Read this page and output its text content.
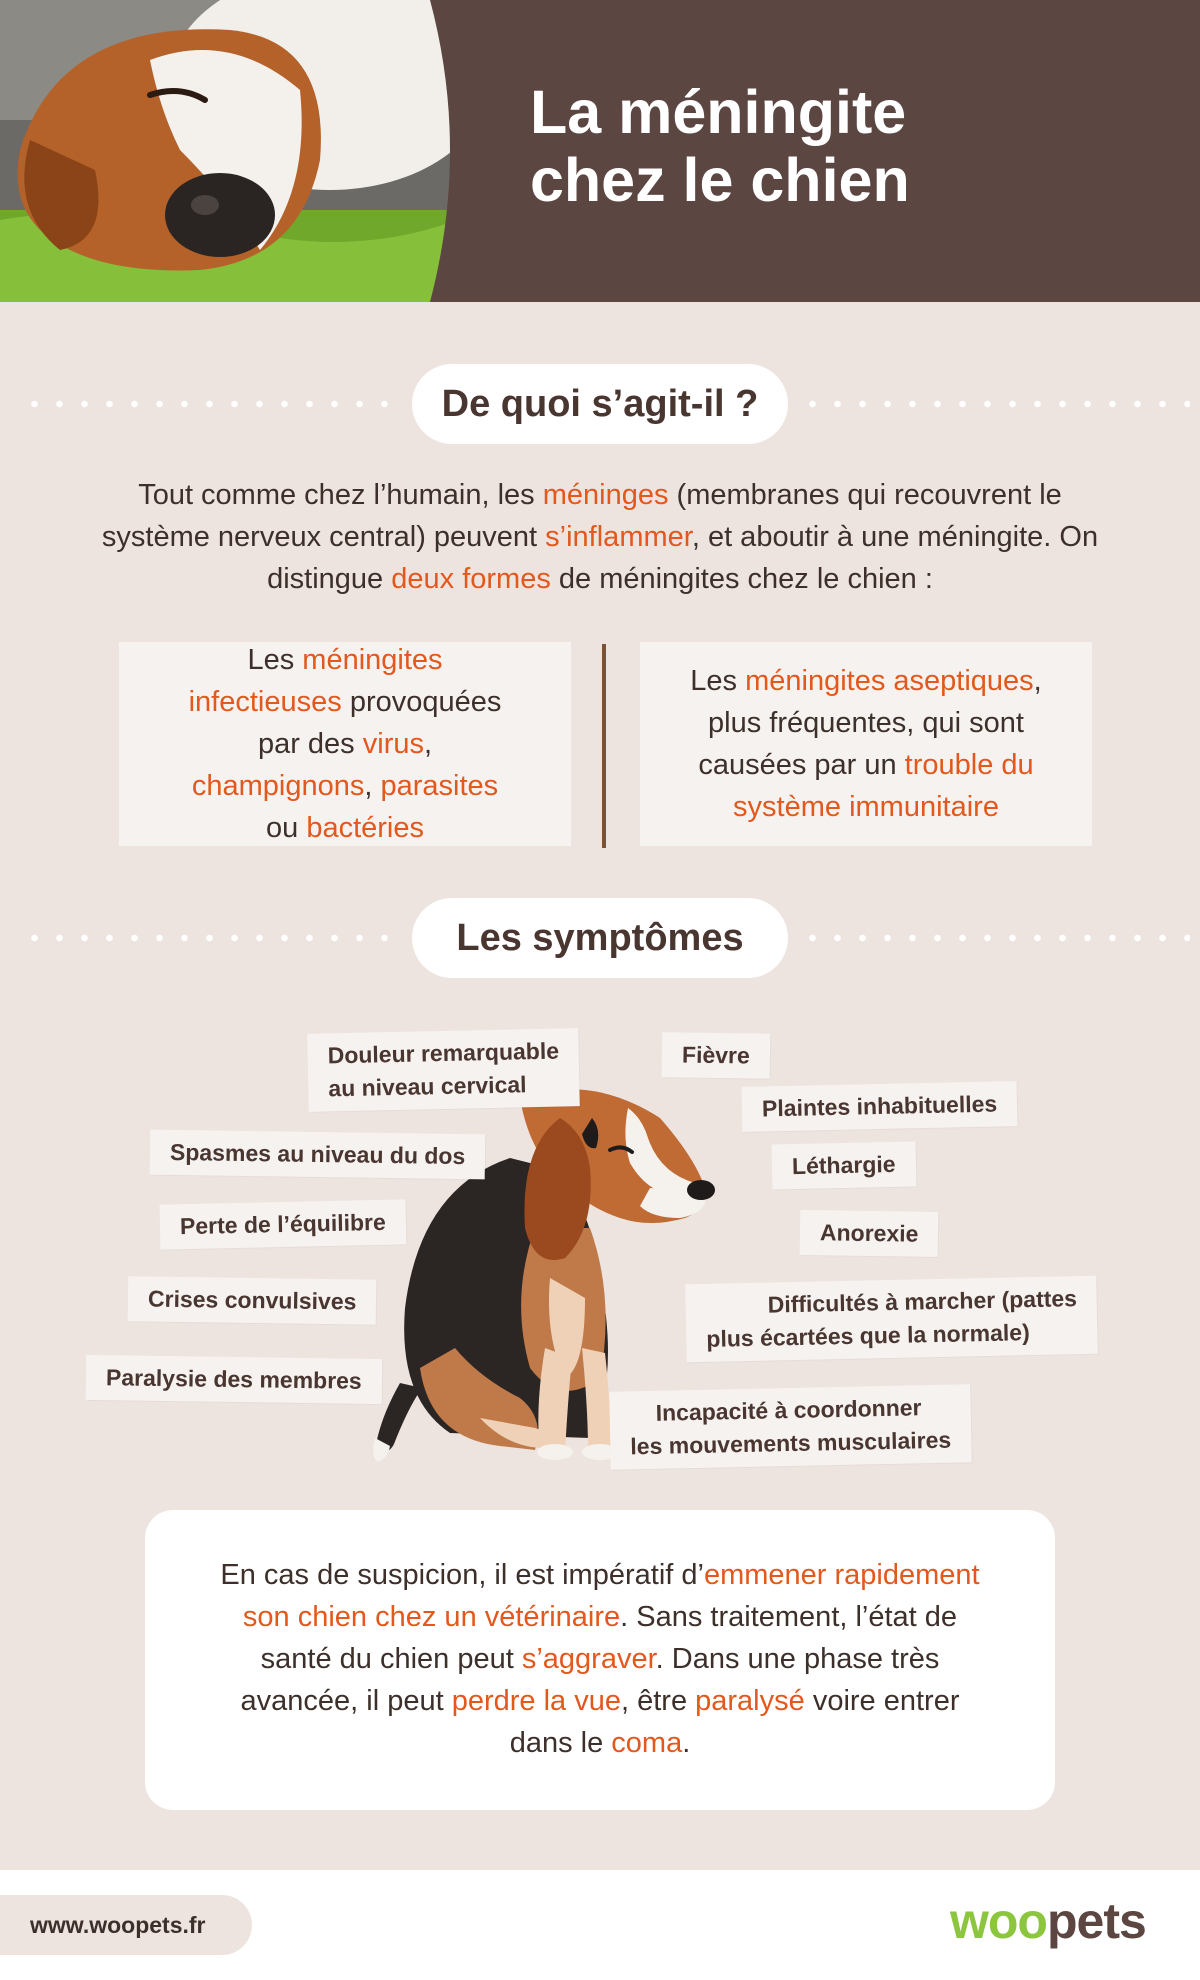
La méningite
chez le chien
De quoi s’agit-il ?
Tout comme chez l’humain, les méninges (membranes qui recouvrent le système nerveux central) peuvent s’inflammer, et aboutir à une méningite. On distingue deux formes de méningites chez le chien :
Les méningites infectieuses provoquées par des virus, champignons, parasites ou bactéries
Les méningites aseptiques, plus fréquentes, qui sont causées par un trouble du système immunitaire
Les symptômes
Douleur remarquable
au niveau cervical
Fièvre
Plaintes inhabituelles
Spasmes au niveau du dos	Léthargie
Perte de l’équilibre	Anorexie
Crises convulsives	Difficultés à marcher (pattes
plus écartées que la normale)
Paralysie des membres
Incapacité à coordonner
les mouvements musculaires
En cas de suspicion, il est impératif d’emmener rapidement son chien chez un vétérinaire. Sans traitement, l’état de santé du chien peut s’aggraver. Dans une phase très avancée, il peut perdre la vue, être paralysé voire entrer dans le coma.
www.woopets.fr	woopets
